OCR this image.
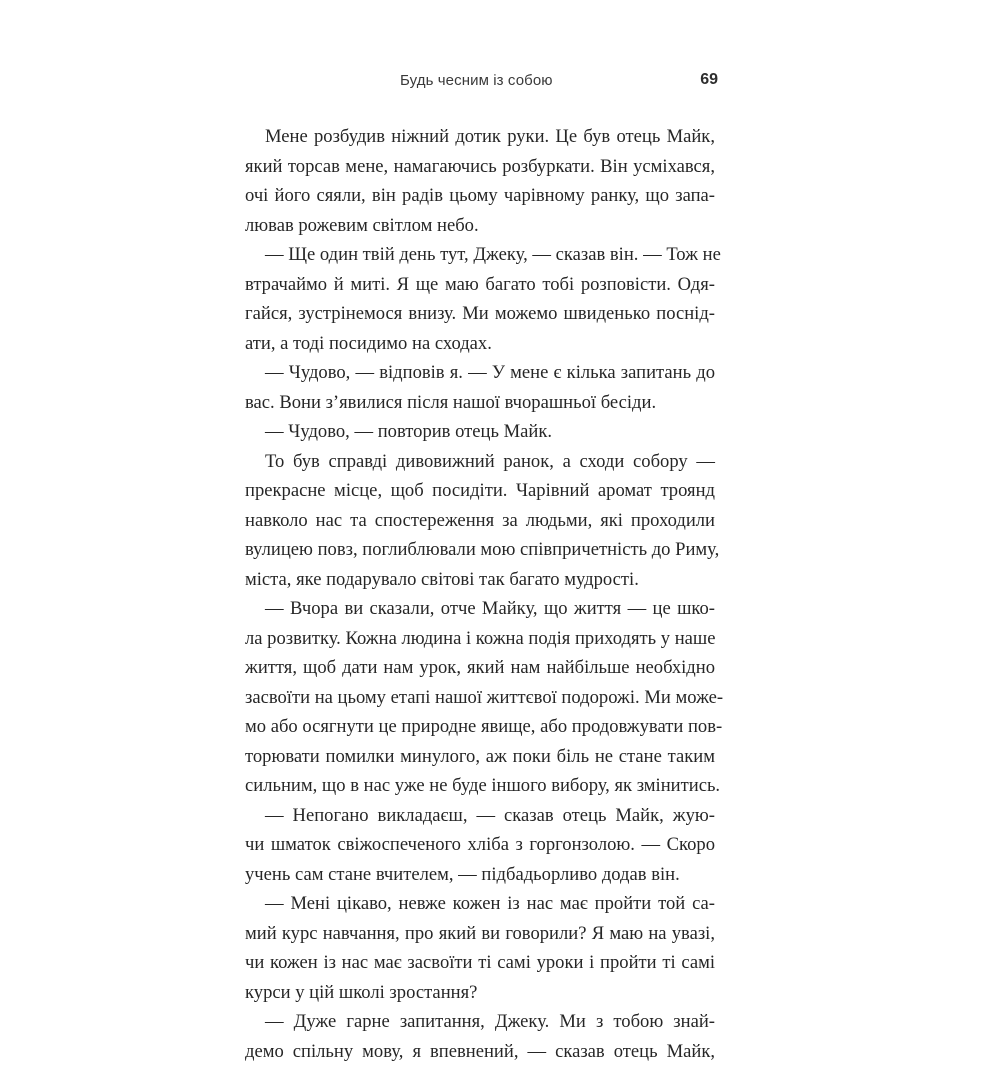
Будь чесним із собою	69
Мене розбудив ніжний дотик руки. Це був отець Майк,
який торсав мене, намагаючись розбуркати. Він усміхався,
очі його сяяли, він радів цьому чарівному ранку, що запа-
лював рожевим світлом небо.
— Ще один твій день тут, Джеку, — сказав він. — Тож не
втрачаймо й миті. Я ще маю багато тобі розповісти. Одя-
гайся, зустрінемося внизу. Ми можемо швиденько поснід-
ати, а тоді посидимо на сходах.
— Чудово, — відповів я. — У мене є кілька запитань до
вас. Вони з’явилися після нашої вчорашньої бесіди.
— Чудово, — повторив отець Майк.
То був справді дивовижний ранок, а сходи собору —
прекрасне місце, щоб посидіти. Чарівний аромат троянд
навколо нас та спостереження за людьми, які проходили
вулицею повз, поглиблювали мою співпричетність до Риму,
міста, яке подарувало світові так багато мудрості.
— Вчора ви сказали, отче Майку, що життя — це шко-
ла розвитку. Кожна людина і кожна подія приходять у наше
життя, щоб дати нам урок, який нам найбільше необхідно
засвоїти на цьому етапі нашої життєвої подорожі. Ми може-
мо або осягнути це природне явище, або продовжувати пов-
торювати помилки минулого, аж поки біль не стане таким
сильним, що в нас уже не буде іншого вибору, як змінитись.
— Непогано викладаєш, — сказав отець Майк, жую-
чи шматок свіжоспеченого хліба з горгонзолою. — Скоро
учень сам стане вчителем, — підбадьорливо додав він.
— Мені цікаво, невже кожен із нас має пройти той са-
мий курс навчання, про який ви говорили? Я маю на увазі,
чи кожен із нас має засвоїти ті самі уроки і пройти ті самі
курси у цій школі зростання?
— Дуже гарне запитання, Джеку. Ми з тобою знай-
демо спільну мову, я впевнений, — сказав отець Майк,
